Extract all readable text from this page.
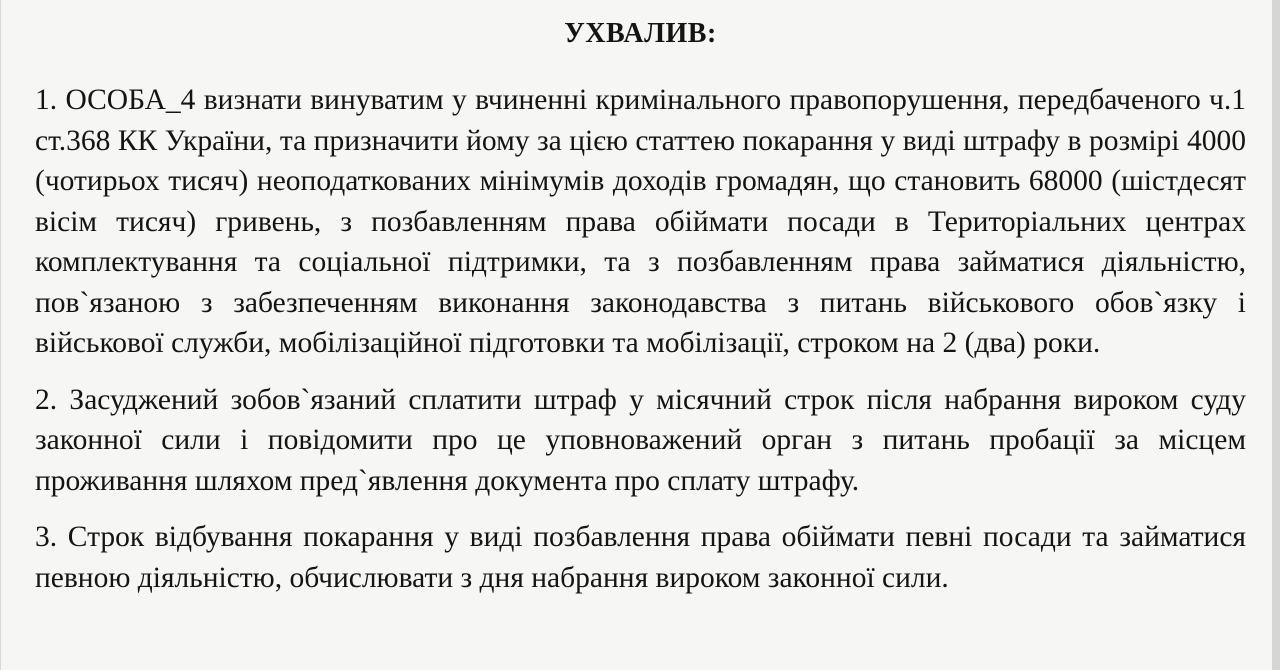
УХВАЛИВ:

1. ОСОБА_4 визнати винуватим у вчиненні кримінального правопорушення, передбаченого ч.1 ст.368 КК України, та призначити йому за цією статтею покарання у виді штрафу в розмірі 4000 (чотирьох тисяч) неоподаткованих мінімумів доходів громадян, що становить 68000 (шістдесят вісім тисяч) гривень, з позбавленням права обіймати посади в Територіальних центрах комплектування та соціальної підтримки, та з позбавленням права займатися діяльністю, пов`язаною з забезпеченням виконання законодавства з питань військового обов`язку і військової служби, мобілізаційної підготовки та мобілізації, строком на 2 (два) роки.

2. Засуджений зобов`язаний сплатити штраф у місячний строк після набрання вироком суду законної сили і повідомити про це уповноважений орган з питань пробації за місцем проживання шляхом пред`явлення документа про сплату штрафу.

3. Строк відбування покарання у виді позбавлення права обіймати певні посади та займатися певною діяльністю, обчислювати з дня набрання вироком законної сили.
